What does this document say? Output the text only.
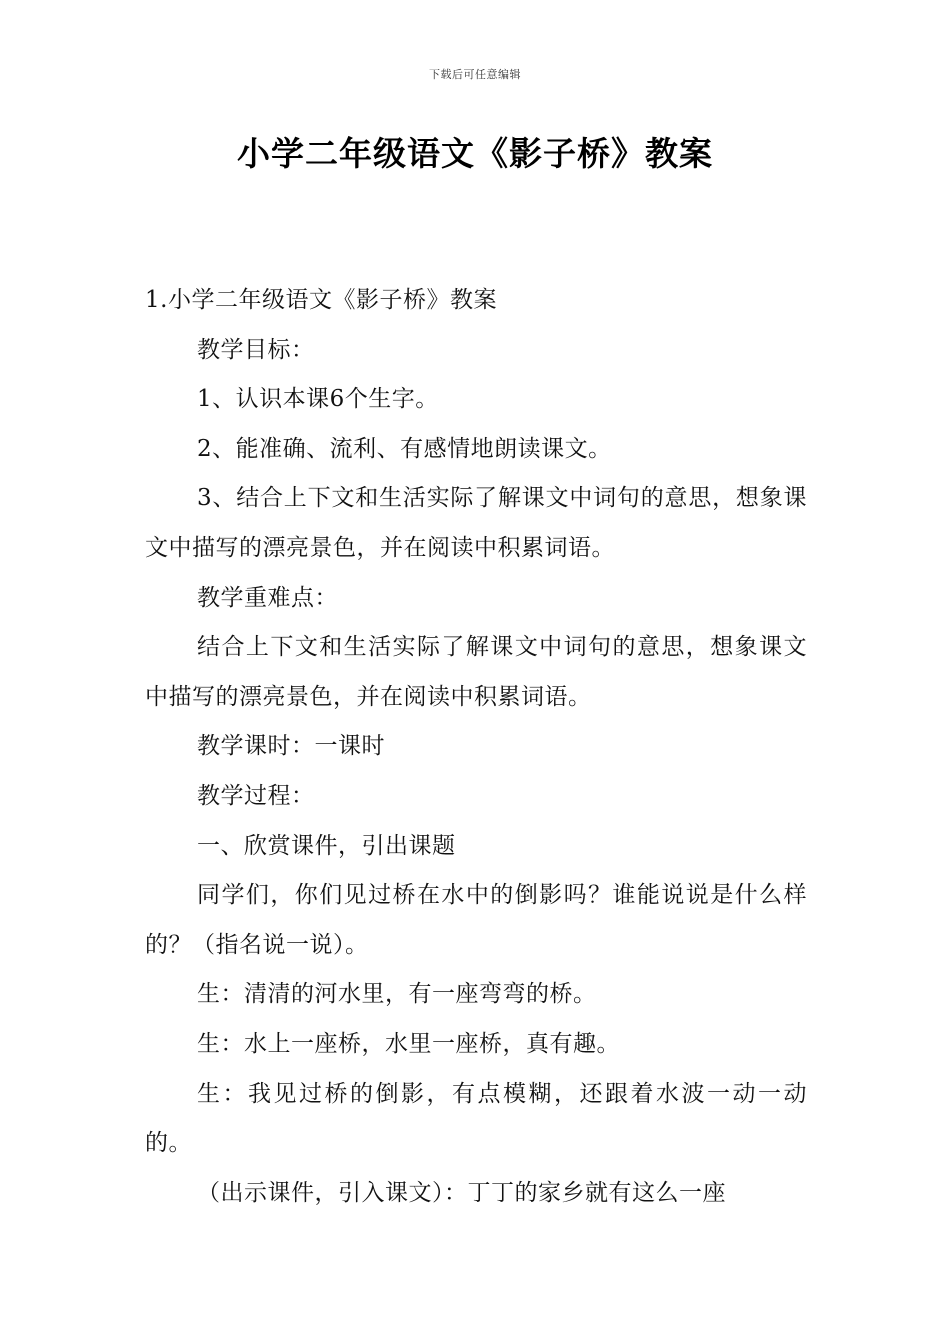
下载后可任意编辑
小学二年级语文《影子桥》教案

1.小学二年级语文《影子桥》教案

教学目标：

1、认识本课6个生字。

2、能准确、流利、有感情地朗读课文。

3、结合上下文和生活实际了解课文中词句的意思，想象课文中描写的漂亮景色，并在阅读中积累词语。

教学重难点：

结合上下文和生活实际了解课文中词句的意思，想象课文中描写的漂亮景色，并在阅读中积累词语。

教学课时：一课时

教学过程：

一、欣赏课件，引出课题

同学们，你们见过桥在水中的倒影吗？谁能说说是什么样的？（指名说一说）。

生：清清的河水里，有一座弯弯的桥。

生：水上一座桥，水里一座桥，真有趣。

生：我见过桥的倒影，有点模糊，还跟着水波一动一动的。

（出示课件，引入课文）：丁丁的家乡就有这么一座
